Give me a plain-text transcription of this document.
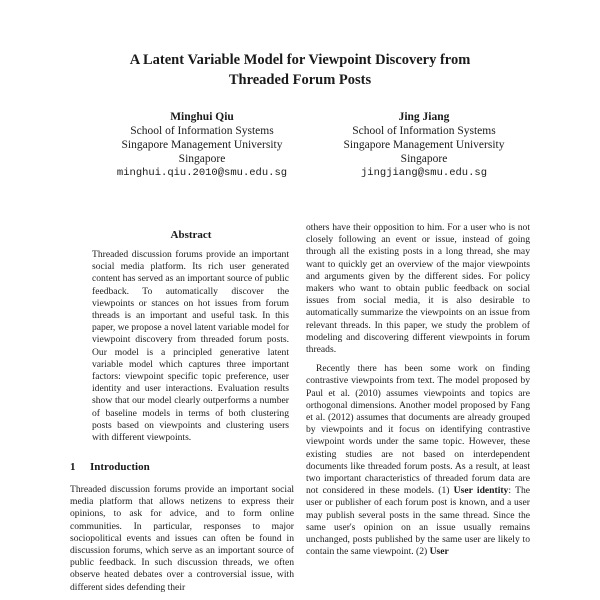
A Latent Variable Model for Viewpoint Discovery from
Threaded Forum Posts
Minghui Qiu
School of Information Systems
Singapore Management University
Singapore
minghui.qiu.2010@smu.edu.sg
Jing Jiang
School of Information Systems
Singapore Management University
Singapore
jingjiang@smu.edu.sg
Abstract
Threaded discussion forums provide an important social media platform. Its rich user generated content has served as an important source of public feedback. To automatically discover the viewpoints or stances on hot issues from forum threads is an important and useful task. In this paper, we propose a novel latent variable model for viewpoint discovery from threaded forum posts. Our model is a principled generative latent variable model which captures three important factors: viewpoint specific topic preference, user identity and user interactions. Evaluation results show that our model clearly outperforms a number of baseline models in terms of both clustering posts based on viewpoints and clustering users with different viewpoints.
1 Introduction

Threaded discussion forums provide an important social media platform that allows netizens to express their opinions, to ask for advice, and to form online communities. In particular, responses to major sociopolitical events and issues can often be found in discussion forums, which serve as an important source of public feedback. In such discussion threads, we often observe heated debates over a controversial issue, with different sides defending their

others have their opposition to him. For a user who is not closely following an event or issue, instead of going through all the existing posts in a long thread, she may want to quickly get an overview of the major viewpoints and arguments given by the different sides. For policy makers who want to obtain public feedback on social issues from social media, it is also desirable to automatically summarize the viewpoints on an issue from relevant threads. In this paper, we study the problem of modeling and discovering different viewpoints in forum threads.

Recently there has been some work on finding contrastive viewpoints from text. The model proposed by Paul et al. (2010) assumes viewpoints and topics are orthogonal dimensions. Another model proposed by Fang et al. (2012) assumes that documents are already grouped by viewpoints and it focus on identifying contrastive viewpoint words under the same topic. However, these existing studies are not based on interdependent documents like threaded forum posts. As a result, at least two important characteristics of threaded forum data are not considered in these models. (1) User identity: The user or publisher of each forum post is known, and a user may publish several posts in the same thread. Since the same user's opinion on an issue usually remains unchanged, posts published by the same user are likely to contain the same viewpoint. (2) User
